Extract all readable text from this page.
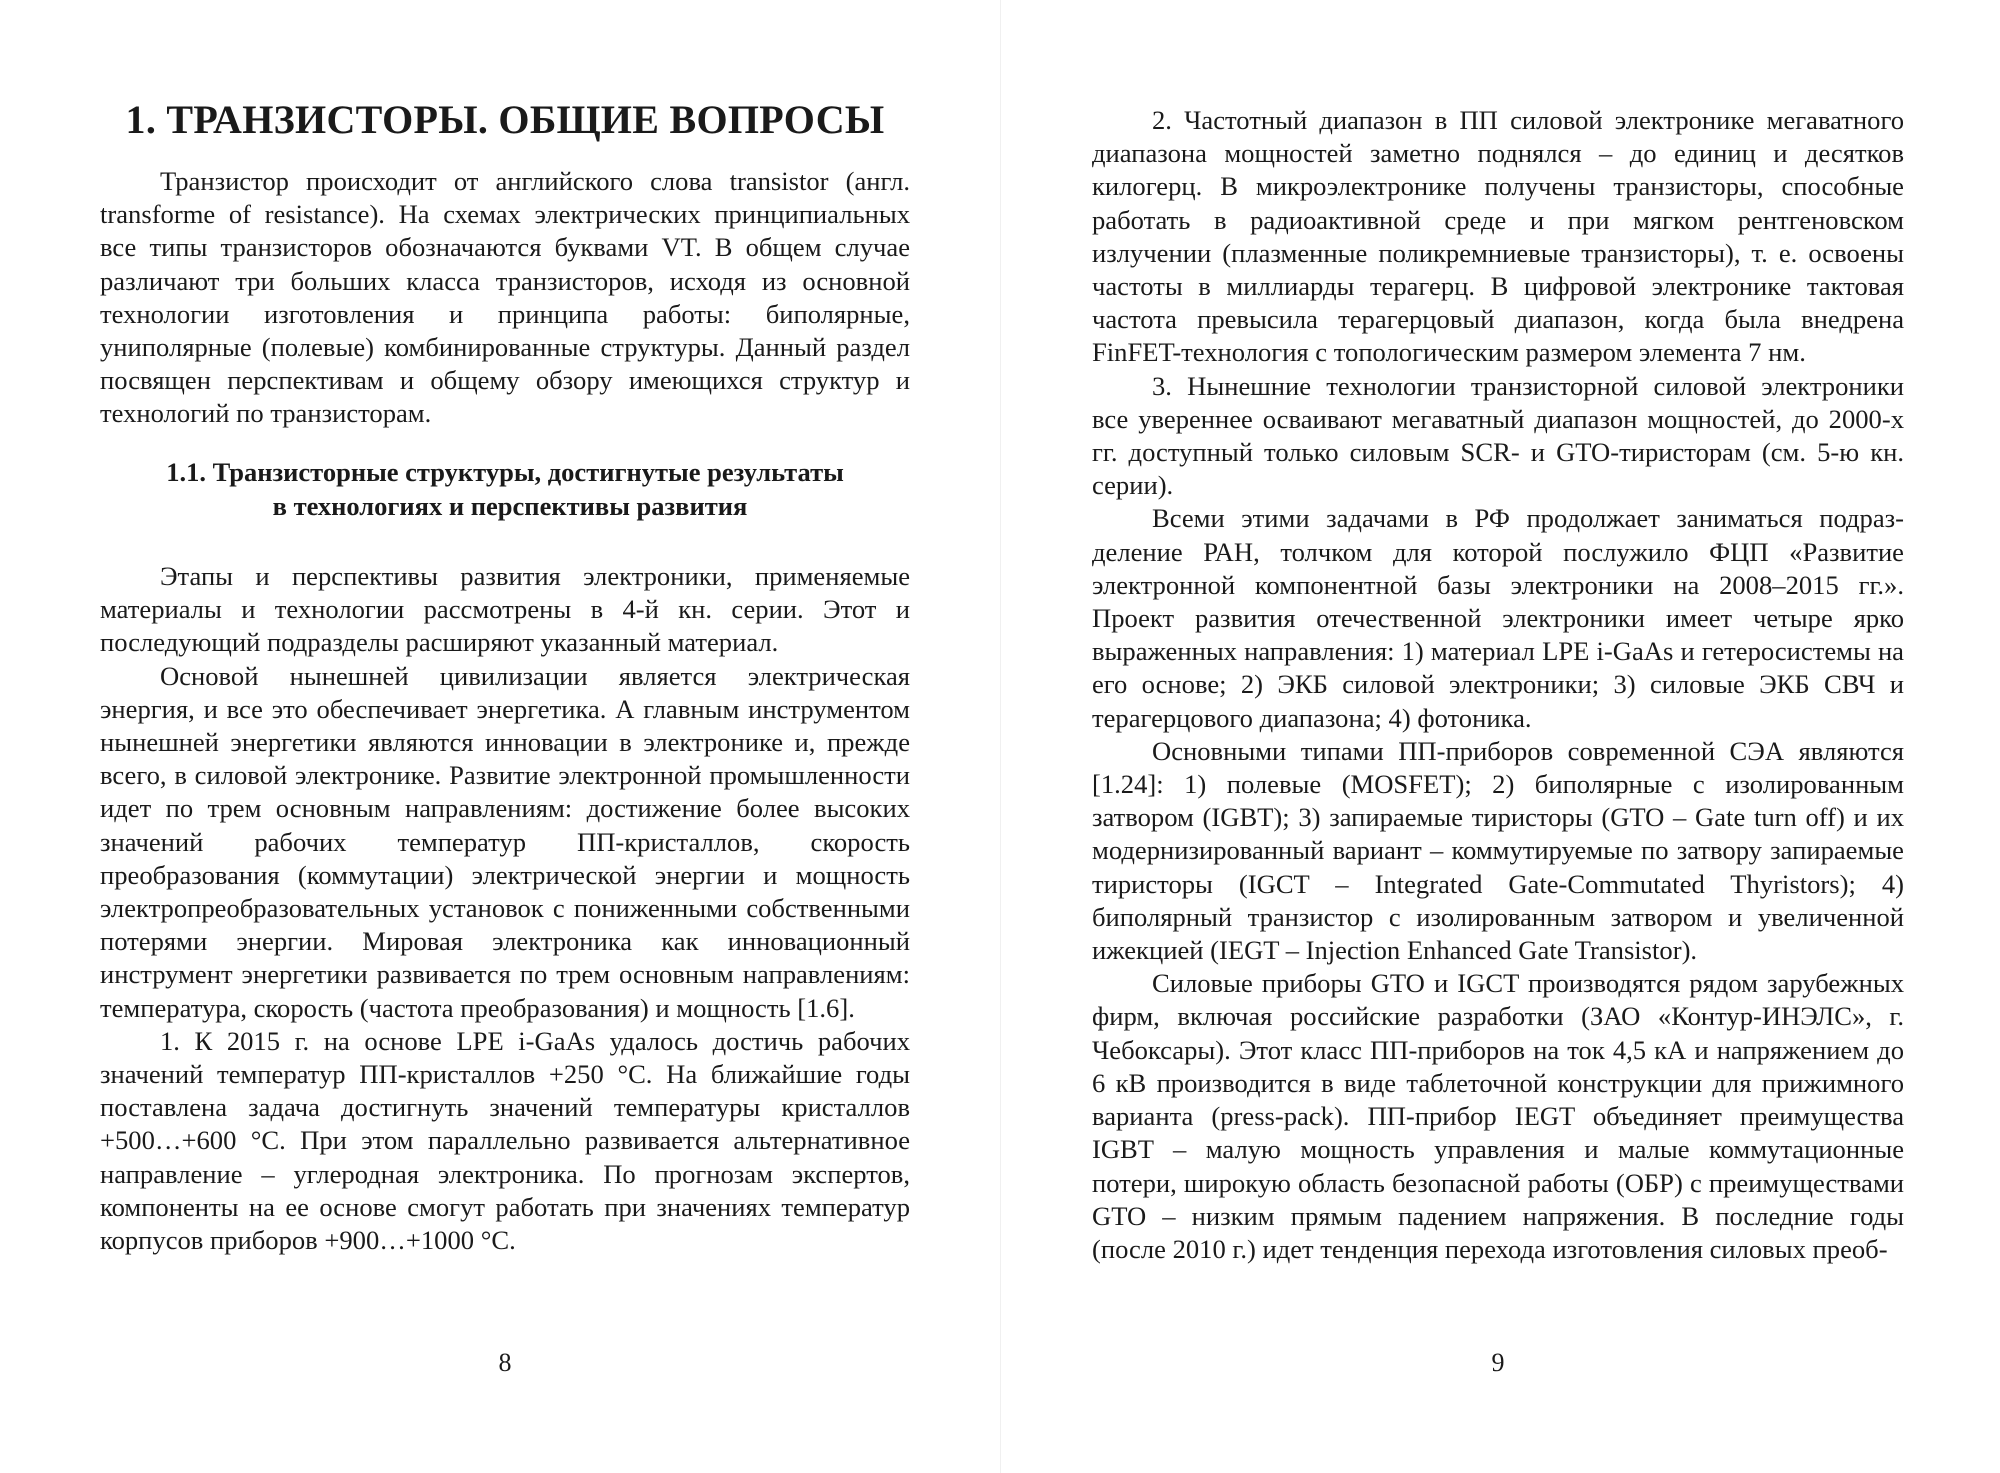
1. ТРАНЗИСТОРЫ. ОБЩИЕ ВОПРОСЫ

Транзистор происходит от английского слова transistor (англ. transforme of resistance). На схемах электрических принципиальных все типы транзисторов обозначаются буквами VT. В общем случае различают три больших класса транзисторов, исходя из основной технологии изготовления и принципа работы: биполярные, униполярные (полевые) комбинированные структуры. Данный раздел посвящен перспективам и общему обзору имеющихся структур и технологий по транзисторам.

1.1. Транзисторные структуры, достигнутые результаты
в технологиях и перспективы развития

Этапы и перспективы развития электроники, применяемые материалы и технологии рассмотрены в 4-й кн. серии. Этот и последующий подразделы расширяют указанный материал.

Основой нынешней цивилизации является электрическая энергия, и все это обеспечивает энергетика. А главным инструментом нынешней энергетики являются инновации в электронике и, прежде всего, в силовой электронике. Развитие электронной промышленности идет по трем основным направлениям: достижение более высоких значений рабочих температур ПП-кристаллов, скорость преобразования (коммутации) электрической энергии и мощность электропреобразовательных установок с пониженными собственными потерями энергии. Мировая электроника как инновационный инструмент энергетики развивается по трем основным направлениям: температура, скорость (частота преобразования) и мощность [1.6].

1. К 2015 г. на основе LPE i-GaAs удалось достичь рабочих значений температур ПП-кристаллов +250 °С. На ближайшие годы поставлена задача достигнуть значений температуры кристаллов +500…+600 °С. При этом параллельно развивается альтернативное направление – углеродная электроника. По прогнозам экспертов, компоненты на ее основе смогут работать при значениях температур корпусов приборов +900…+1000 °С.

8

2. Частотный диапазон в ПП силовой электронике мегаватного диапазона мощностей заметно поднялся – до единиц и десятков килогерц. В микроэлектронике получены транзисторы, способные работать в радиоактивной среде и при мягком рентгеновском излучении (плазменные поликремниевые транзисторы), т. е. освоены частоты в миллиарды терагерц. В цифровой электронике тактовая частота превысила терагерцовый диапазон, когда была внедрена FinFET-технология с топологическим размером элемента 7 нм.

3. Нынешние технологии транзисторной силовой электроники все увереннее осваивают мегаватный диапазон мощностей, до 2000-х гг. доступный только силовым SCR- и GTO-тиристорам (см. 5-ю кн. серии).

Всеми этими задачами в РФ продолжает заниматься подразделение РАН, толчком для которой послужило ФЦП «Развитие электронной компонентной базы электроники на 2008–2015 гг.». Проект развития отечественной электроники имеет четыре ярко выраженных направления: 1) материал LPE i-GaAs и гетеросистемы на его основе; 2) ЭКБ силовой электроники; 3) силовые ЭКБ СВЧ и терагерцового диапазона; 4) фотоника.

Основными типами ПП-приборов современной СЭА являются [1.24]: 1) полевые (MOSFET); 2) биполярные с изолированным затвором (IGBT); 3) запираемые тиристоры (GTO – Gate turn off) и их модернизированный вариант – коммутируемые по затвору запираемые тиристоры (IGCT – Integrated Gate-Commutated Thyristors); 4) биполярный транзистор с изолированным затвором и увеличенной ижекцией (IEGT – Injection Enhanced Gate Transistor).

Силовые приборы GTO и IGCT производятся рядом зарубежных фирм, включая российские разработки (ЗАО «Контур-ИНЭЛС», г. Чебоксары). Этот класс ПП-приборов на ток 4,5 кА и напряжением до 6 кВ производится в виде таблеточной конструкции для прижимного варианта (press-pack). ПП-прибор IEGT объединяет преимущества IGBT – малую мощность управления и малые коммутационные потери, широкую область безопасной работы (ОБР) с преимуществами GTO – низким прямым падением напряжения. В последние годы (после 2010 г.) идет тенденция перехода изготовления силовых преоб-

9
